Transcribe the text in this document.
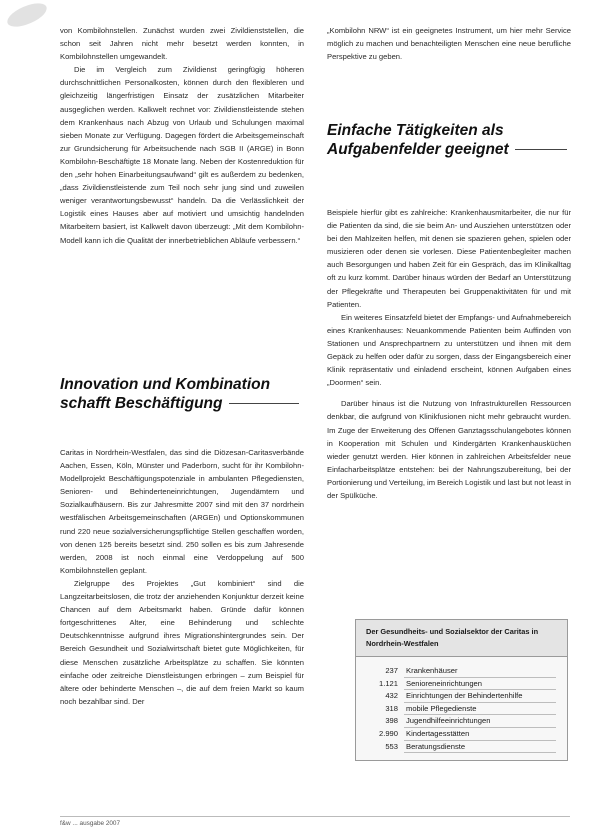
von Kombilohnstellen. Zunächst wurden zwei Zivildienststellen, die schon seit Jahren nicht mehr besetzt werden konnten, in Kombilohnstellen umgewandelt.

Die im Vergleich zum Zivildienst geringfügig höheren durchschnittlichen Personalkosten, können durch den flexibleren und gleichzeitig längerfristigen Einsatz der zusätzlichen Mitarbeiter ausgeglichen werden. Kalkwelt rechnet vor: Zivildienstleistende stehen dem Krankenhaus nach Abzug von Urlaub und Schulungen maximal sieben Monate zur Verfügung. Dagegen fördert die Arbeitsgemeinschaft zur Grundsicherung für Arbeitsuchende nach SGB II (ARGE) in Bonn Kombilohn-Beschäftigte 18 Monate lang. Neben der Kostenreduktion für den „sehr hohen Einarbeitungsaufwand“ gilt es außerdem zu bedenken, „dass Zivildienstleistende zum Teil noch sehr jung sind und zuweilen weniger verantwortungsbewusst“ handeln. Da die Verlässlichkeit der Logistik eines Hauses aber auf motiviert und umsichtig handelnden Mitarbeitern basiert, ist Kalkwelt davon überzeugt: „Mit dem Kombilohn-Modell kann ich die Qualität der innerbetrieblichen Abläufe verbessern.“

Innovation und Kombination schafft Beschäftigung

Caritas in Nordrhein-Westfalen, das sind die Diözesan-Caritasverbände Aachen, Essen, Köln, Münster und Paderborn, sucht für ihr Kombilohn-Modellprojekt Beschäftigungspotenziale in ambulanten Pflegediensten, Senioren- und Behinderteneinrichtungen, Jugendämtern und Sozialkaufhäusern. Bis zur Jahresmitte 2007 sind mit den 37 nordrhein westfälischen Arbeitsgemeinschaften (ARGEn) und Optionskommunen rund 220 neue sozialversicherungspflichtige Stellen geschaffen worden, von denen 125 bereits besetzt sind. 250 sollen es bis zum Jahresende werden, 2008 ist noch einmal eine Verdoppelung auf 500 Kombilohnstellen geplant.

Zielgruppe des Projektes „Gut kombiniert“ sind die Langzeitarbeitslosen, die trotz der anziehenden Konjunktur derzeit keine Chancen auf dem Arbeitsmarkt haben. Gründe dafür können fortgeschrittenes Alter, eine Behinderung und schlechte Deutschkenntnisse aufgrund ihres Migrationshintergrundes sein. Der Bereich Gesundheit und Sozialwirtschaft bietet gute Möglichkeiten, für diese Menschen zusätzliche Arbeitsplätze zu schaffen. Sie könnten einfache oder zeitreiche Dienstleistungen erbringen – zum Beispiel für ältere oder behinderte Menschen –, die auf dem freien Markt so kaum noch bezahlbar sind. Der

„Kombilohn NRW“ ist ein geeignetes Instrument, um hier mehr Service möglich zu machen und benachteiligten Menschen eine neue berufliche Perspektive zu geben.

Einfache Tätigkeiten als Aufgabenfelder geeignet

Beispiele hierfür gibt es zahlreiche: Krankenhausmitarbeiter, die nur für die Patienten da sind, die sie beim An- und Ausziehen unterstützen oder bei den Mahlzeiten helfen, mit denen sie spazieren gehen, spielen oder musizieren oder denen sie vorlesen. Diese Patientenbegleiter machen auch Besorgungen und haben Zeit für ein Gespräch, das im Klinikalltag oft zu kurz kommt. Darüber hinaus würden der Bedarf an Unterstützung der Pflegekräfte und Therapeuten bei Gruppenaktivitäten für und mit Patienten.

Ein weiteres Einsatzfeld bietet der Empfangs- und Aufnahmebereich eines Krankenhauses: Neuankommende Patienten beim Auffinden von Stationen und Ansprechpartnern zu unterstützen und ihnen mit dem Gepäck zu helfen oder dafür zu sorgen, dass der Eingangsbereich einer Klinik repräsentativ und einladend erscheint, können Aufgaben eines „Doormen“ sein.

Darüber hinaus ist die Nutzung von Infrastrukturellen Ressourcen denkbar, die aufgrund von Klinikfusionen nicht mehr gebraucht wurden. Im Zuge der Erweiterung des Offenen Ganztagsschulangebotes können in Kooperation mit Schulen und Kindergärten Krankenhausküchen wieder genutzt werden. Hier können in zahlreichen Arbeitsfelder neue Einfacharbeitsplätze entstehen: bei der Nahrungszubereitung, bei der Portionierung und Verteilung, im Bereich Logistik und last but not least in der Spülküche.

Der Gesundheits- und Sozialsektor der Caritas in Nordrhein-Westfalen

237	Krankenhäuser
1.121	Senioreneinrichtungen
432	Einrichtungen der Behindertenhilfe
318	mobile Pflegedienste
398	Jugendhilfeeinrichtungen
2.990	Kindertagesstätten
553	Beratungsdienste
f&w ... ausgabe 2007
